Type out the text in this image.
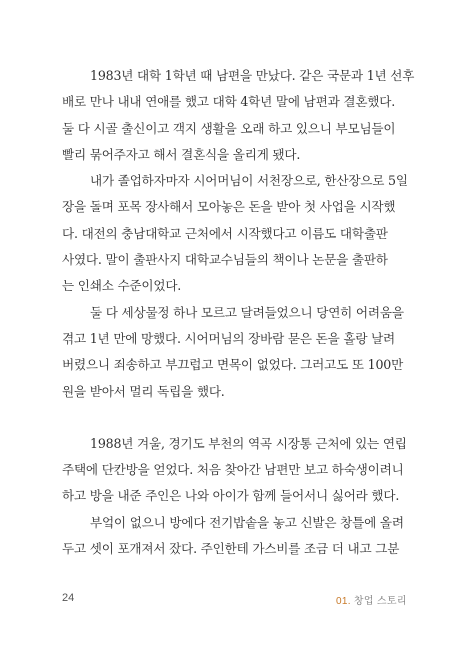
1983년 대학 1학년 때 남편을 만났다. 같은 국문과 1년 선후
배로 만나 내내 연애를 했고 대학 4학년 말에 남편과 결혼했다.
둘 다 시골 출신이고 객지 생활을 오래 하고 있으니 부모님들이
빨리 묶어주자고 해서 결혼식을 올리게 됐다.

내가 졸업하자마자 시어머님이 서천장으로, 한산장으로 5일
장을 돌며 포목 장사해서 모아놓은 돈을 받아 첫 사업을 시작했
다. 대전의 충남대학교 근처에서 시작했다고 이름도 대학출판
사였다. 말이 출판사지 대학교수님들의 책이나 논문을 출판하
는 인쇄소 수준이었다.

둘 다 세상물정 하나 모르고 달려들었으니 당연히 어려움을
겪고 1년 만에 망했다. 시어머님의 장바람 묻은 돈을 홀랑 날려
버렸으니 죄송하고 부끄럽고 면목이 없었다. 그러고도 또 100만
원을 받아서 멀리 독립을 했다.

1988년 겨울, 경기도 부천의 역곡 시장통 근처에 있는 연립
주택에 단칸방을 얻었다. 처음 찾아간 남편만 보고 하숙생이려니
하고 방을 내준 주인은 나와 아이가 함께 들어서니 싫어라 했다.

부엌이 없으니 방에다 전기밥솥을 놓고 신발은 창틀에 올려
두고 셋이 포개져서 잤다. 주인한테 가스비를 조금 더 내고 그분

24	01. 창업 스토리
